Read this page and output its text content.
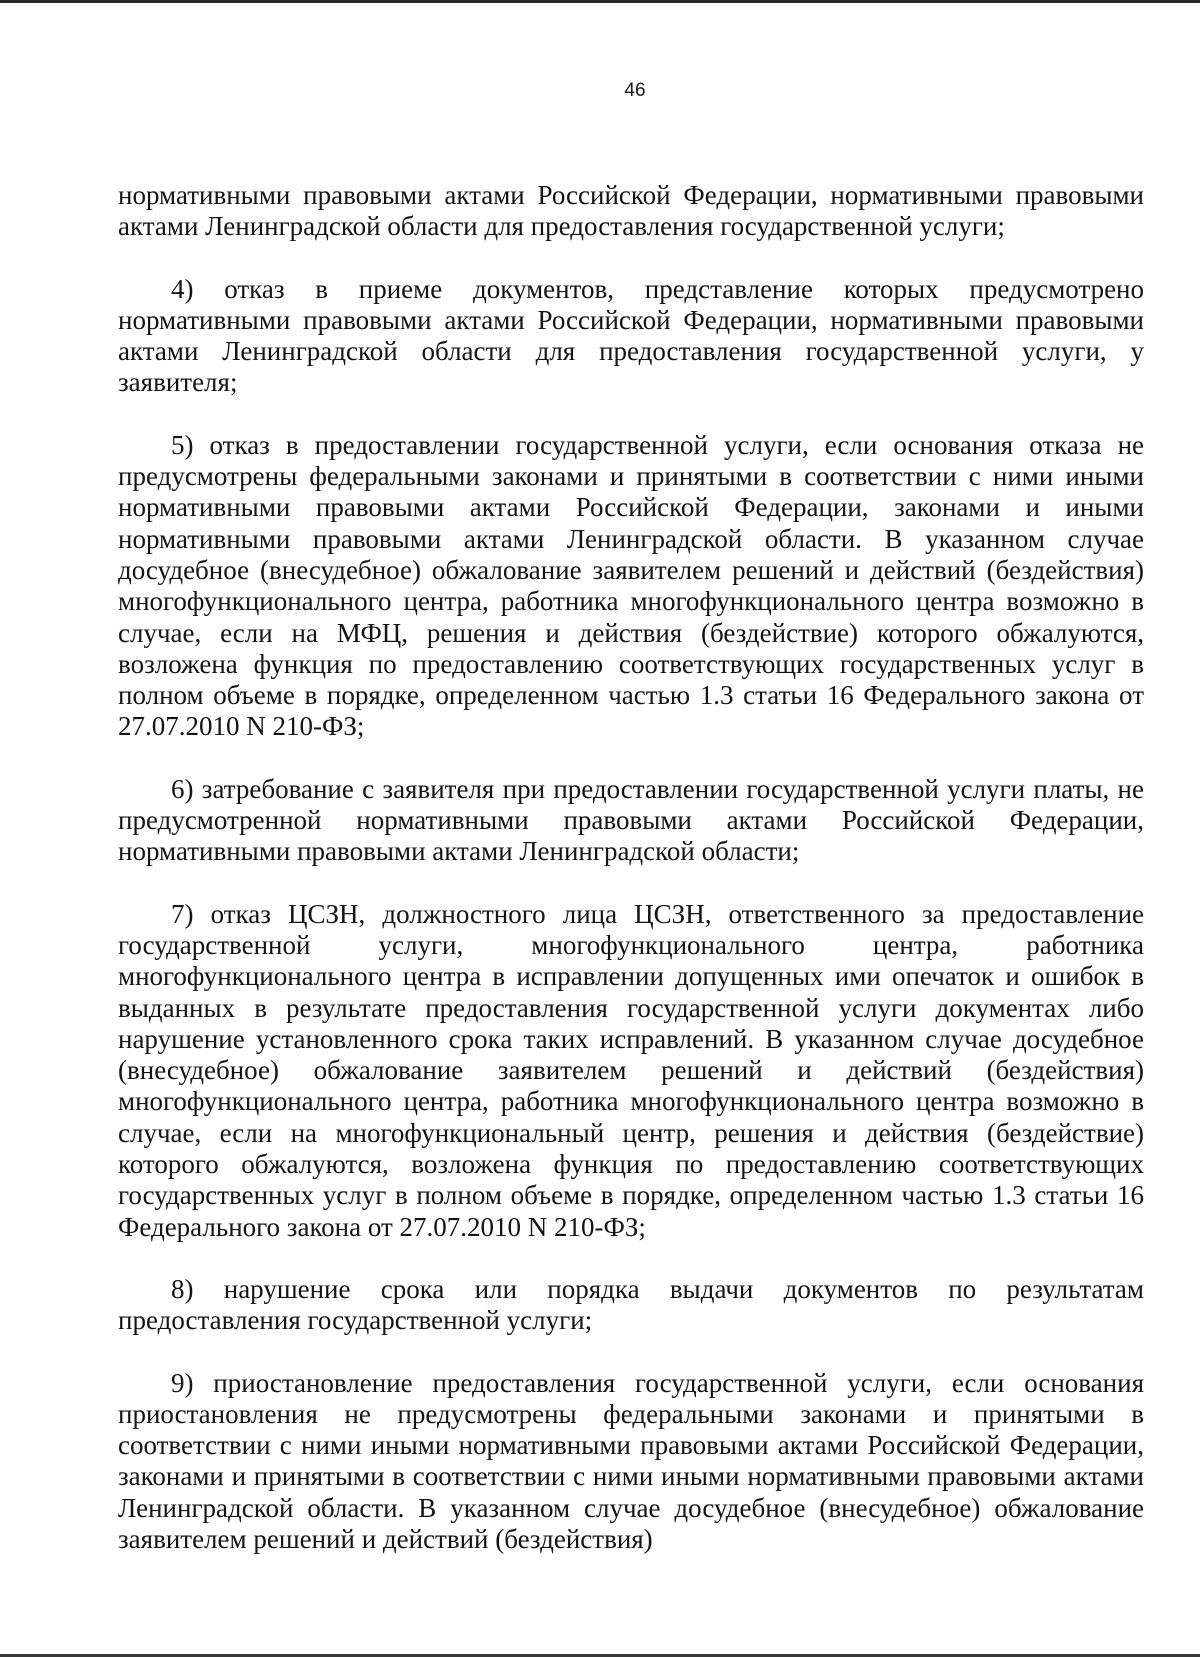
46

нормативными правовыми актами Российской Федерации, нормативными правовыми актами Ленинградской области для предоставления государственной услуги;

4) отказ в приеме документов, представление которых предусмотрено нормативными правовыми актами Российской Федерации, нормативными правовыми актами Ленинградской области для предоставления государственной услуги, у заявителя;

5) отказ в предоставлении государственной услуги, если основания отказа не предусмотрены федеральными законами и принятыми в соответствии с ними иными нормативными правовыми актами Российской Федерации, законами и иными нормативными правовыми актами Ленинградской области. В указанном случае досудебное (внесудебное) обжалование заявителем решений и действий (бездействия) многофункционального центра, работника многофункционального центра возможно в случае, если на МФЦ, решения и действия (бездействие) которого обжалуются, возложена функция по предоставлению соответствующих государственных услуг в полном объеме в порядке, определенном частью 1.3 статьи 16 Федерального закона от 27.07.2010 N 210-ФЗ;

6) затребование с заявителя при предоставлении государственной услуги платы, не предусмотренной нормативными правовыми актами Российской Федерации, нормативными правовыми актами Ленинградской области;

7) отказ ЦСЗН, должностного лица ЦСЗН, ответственного за предоставление государственной услуги, многофункционального центра, работника многофункционального центра в исправлении допущенных ими опечаток и ошибок в выданных в результате предоставления государственной услуги документах либо нарушение установленного срока таких исправлений. В указанном случае досудебное (внесудебное) обжалование заявителем решений и действий (бездействия) многофункционального центра, работника многофункционального центра возможно в случае, если на многофункциональный центр, решения и действия (бездействие) которого обжалуются, возложена функция по предоставлению соответствующих государственных услуг в полном объеме в порядке, определенном частью 1.3 статьи 16 Федерального закона от 27.07.2010 N 210-ФЗ;

8) нарушение срока или порядка выдачи документов по результатам предоставления государственной услуги;

9) приостановление предоставления государственной услуги, если основания приостановления не предусмотрены федеральными законами и принятыми в соответствии с ними иными нормативными правовыми актами Российской Федерации, законами и принятыми в соответствии с ними иными нормативными правовыми актами Ленинградской области. В указанном случае досудебное (внесудебное) обжалование заявителем решений и действий (бездействия)
